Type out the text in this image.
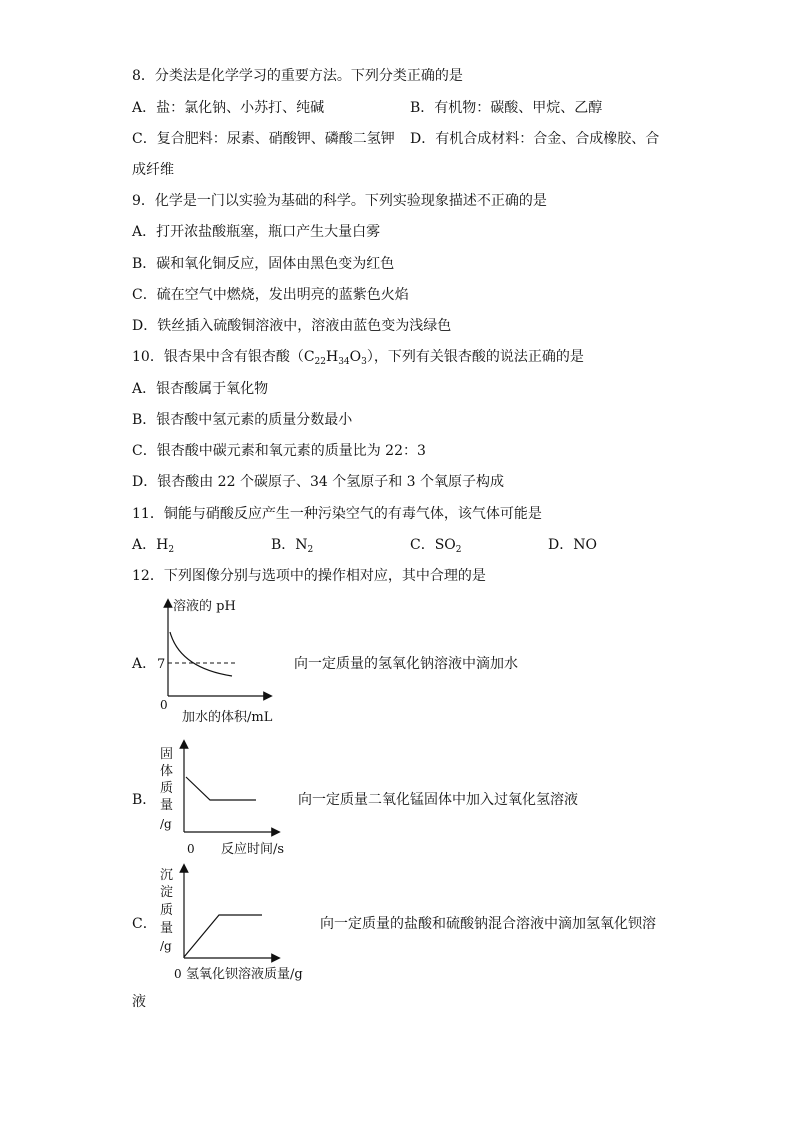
8．分类法是化学学习的重要方法。下列分类正确的是
A．盐：氯化钠、小苏打、纯碱	B．有机物：碳酸、甲烷、乙醇
C．复合肥料：尿素、硝酸钾、磷酸二氢钾 D．有机合成材料：合金、合成橡胶、合
成纤维
9．化学是一门以实验为基础的科学。下列实验现象描述不正确的是
A．打开浓盐酸瓶塞，瓶口产生大量白雾
B．碳和氧化铜反应，固体由黑色变为红色
C．硫在空气中燃烧，发出明亮的蓝紫色火焰
D．铁丝插入硫酸铜溶液中，溶液由蓝色变为浅绿色
10．银杏果中含有银杏酸$(C_{22}H_{34}O_3)$，下列有关银杏酸的说法正确的是
A．银杏酸属于氧化物
B．银杏酸中氢元素的质量分数最小
C．银杏酸中碳元素和氧元素的质量比为 22：3
D．银杏酸由 22 个碳原子、34 个氢原子和 3 个氧原子构成
11．铜能与硝酸反应产生一种污染空气的有毒气体，该气体可能是
A．$H_2$	B．$N_2$	C．$SO_2$	D．NO
12．下列图像分别与选项中的操作相对应，其中合理的是
溶液的 pH
7
0
加水的体积/mL
A．	向一定质量的氢氧化钠溶液中滴加水
固
体
质
量
/g
0 反应时间/s
B．	向一定质量二氧化锰固体中加入过氧化氢溶液
沉
淀
质
量
/g
0 氢氧化钡溶液质量/g
C．	向一定质量的盐酸和硫酸钠混合溶液中滴加氢氧化钡溶
液
